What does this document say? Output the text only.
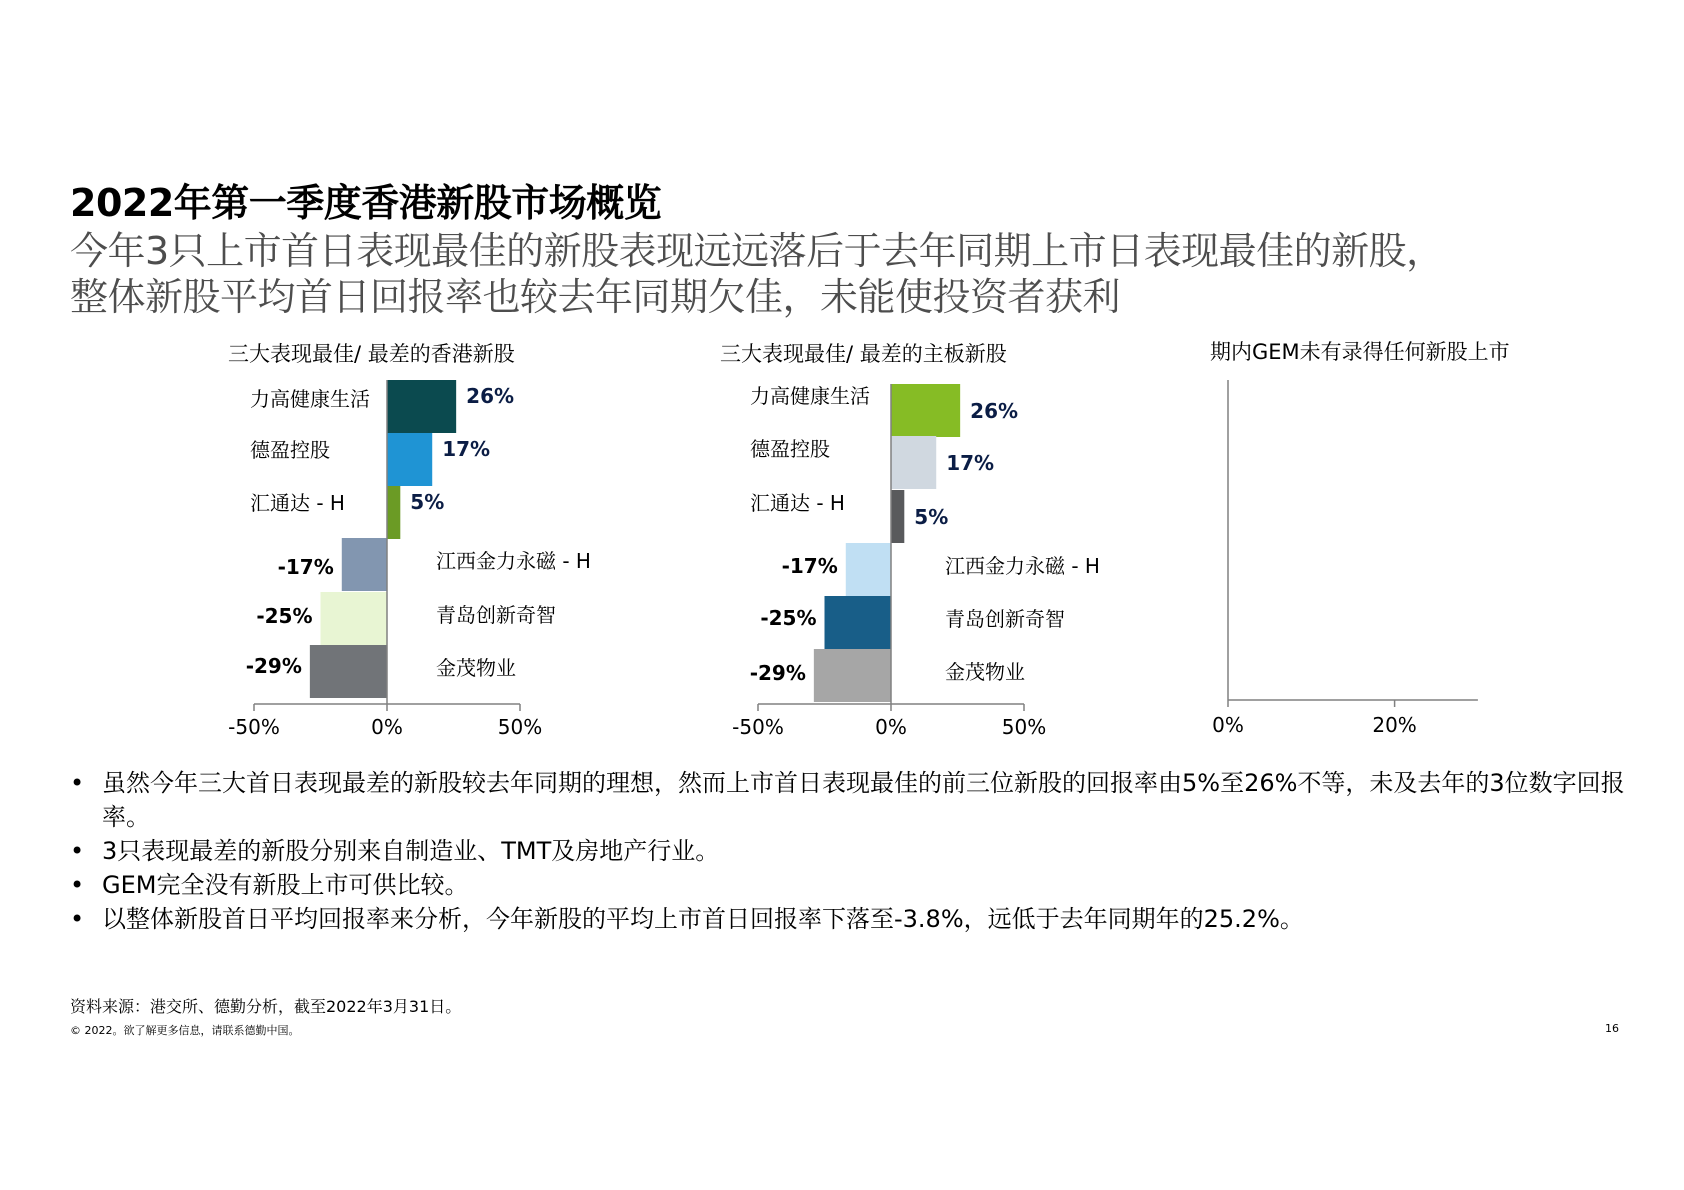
2022年第一季度香港新股市场概览
今年3只上市首日表现最佳的新股表现远远落后于去年同期上市日表现最佳的新股，
整体新股平均首日回报率也较去年同期欠佳，未能使投资者获利
三大表现最佳/ 最差的香港新股	三大表现最佳/ 最差的主板新股	期内GEM未有录得任何新股上市
-50%	0%	50%
力高健康生活	26%
德盈控股	17%
汇通达 - H	5%
-17%	江西金力永磁 - H
-25%	青岛创新奇智
-29%	金茂物业
-50%	0%	50%
力高健康生活
26%
德盈控股
17%
汇通达 - H
5%
-17%	江西金力永磁 - H
-25%	青岛创新奇智
-29%	金茂物业
0%	20%
• 虽然今年三大首日表现最差的新股较去年同期的理想，然而上市首日表现最佳的前三位新股的回报率由5%至26%不等，未及去年的3位数字回报率。
• 3只表现最差的新股分别来自制造业、TMT及房地产行业。
• GEM完全没有新股上市可供比较。
• 以整体新股首日平均回报率来分析，今年新股的平均上市首日回报率下落至-3.8%，远低于去年同期年的25.2%。
资料来源：港交所、德勤分析，截至2022年3月31日。
© 2022。欲了解更多信息，请联系德勤中国。	16
